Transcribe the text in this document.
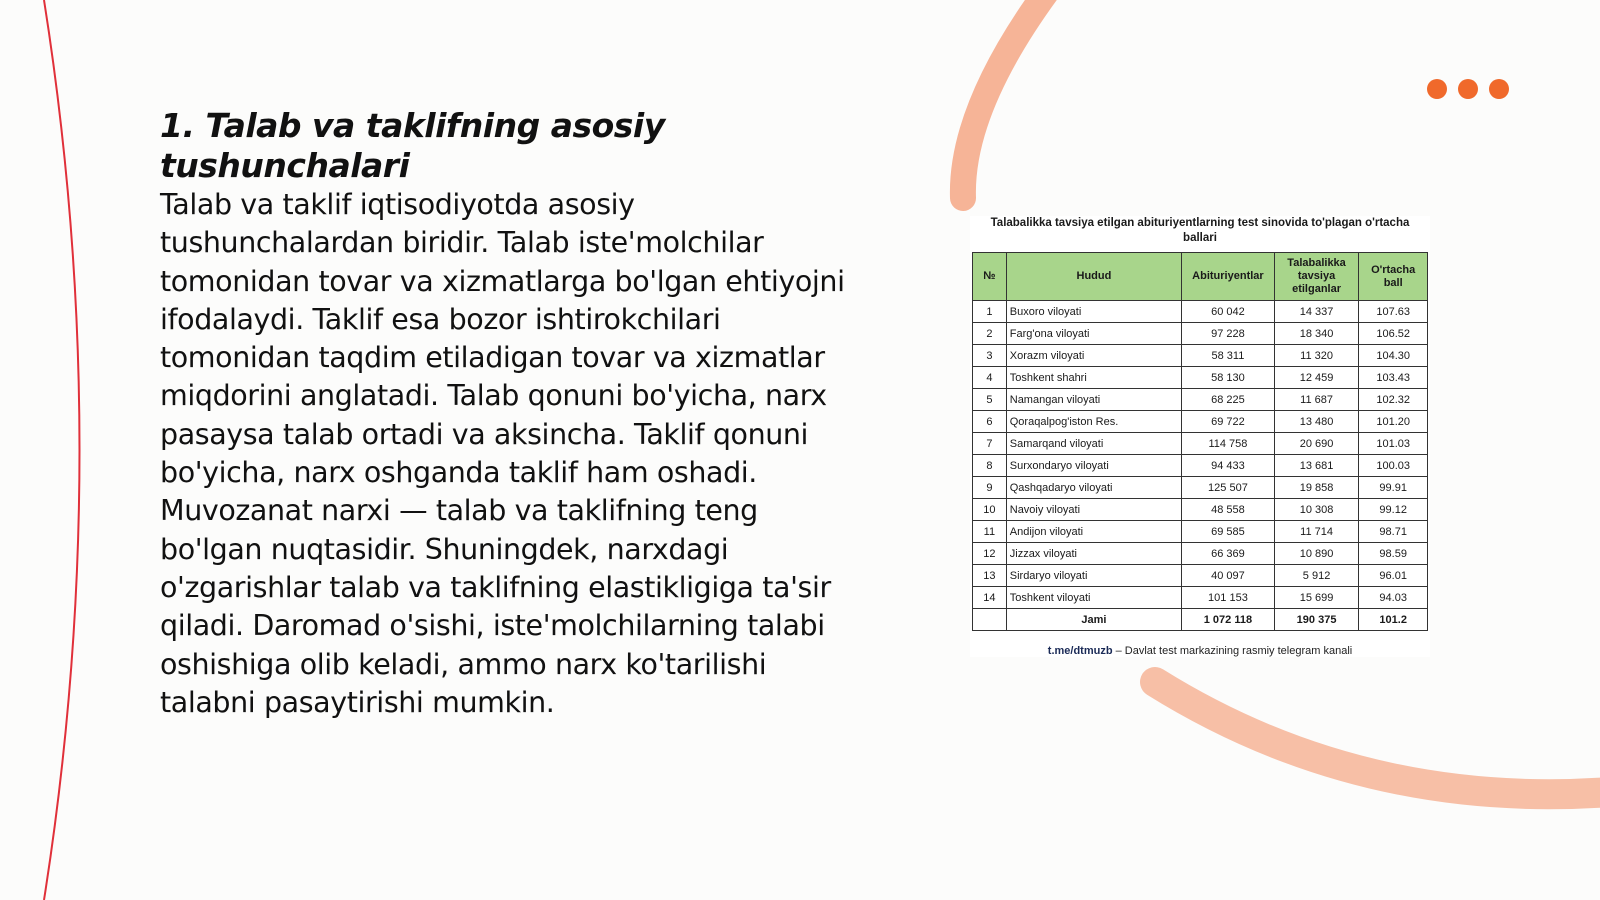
1. Talab va taklifning asosiy tushunchalari
Talab va taklif iqtisodiyotda asosiy tushunchalardan biridir. Talab iste'molchilar tomonidan tovar va xizmatlarga bo'lgan ehtiyojni ifodalaydi. Taklif esa bozor ishtirokchilari tomonidan taqdim etiladigan tovar va xizmatlar miqdorini anglatadi. Talab qonuni bo'yicha, narx pasaysa talab ortadi va aksincha. Taklif qonuni bo'yicha, narx oshganda taklif ham oshadi. Muvozanat narxi — talab va taklifning teng bo'lgan nuqtasidir. Shuningdek, narxdagi o'zgarishlar talab va taklifning elastikligiga ta'sir qiladi. Daromad o'sishi, iste'molchilarning talabi oshishiga olib keladi, ammo narx ko'tarilishi talabni pasaytirishi mumkin.
Talabalikka tavsiya etilgan abituriyentlarning test sinovida to'plagan o'rtacha ballari
№	Hudud	Abituriyentlar	Talabalikka tavsiya etilganlar	O'rtacha ball
1	Buxoro viloyati	60 042	14 337	107.63
2	Farg'ona viloyati	97 228	18 340	106.52
3	Xorazm viloyati	58 311	11 320	104.30
4	Toshkent shahri	58 130	12 459	103.43
5	Namangan viloyati	68 225	11 687	102.32
6	Qoraqalpog'iston Res.	69 722	13 480	101.20
7	Samarqand viloyati	114 758	20 690	101.03
8	Surxondaryo viloyati	94 433	13 681	100.03
9	Qashqadaryo viloyati	125 507	19 858	99.91
10	Navoiy viloyati	48 558	10 308	99.12
11	Andijon viloyati	69 585	11 714	98.71
12	Jizzax viloyati	66 369	10 890	98.59
13	Sirdaryo viloyati	40 097	5 912	96.01
14	Toshkent viloyati	101 153	15 699	94.03
	Jami	1 072 118	190 375	101.2
t.me/dtmuzb – Davlat test markazining rasmiy telegram kanali
